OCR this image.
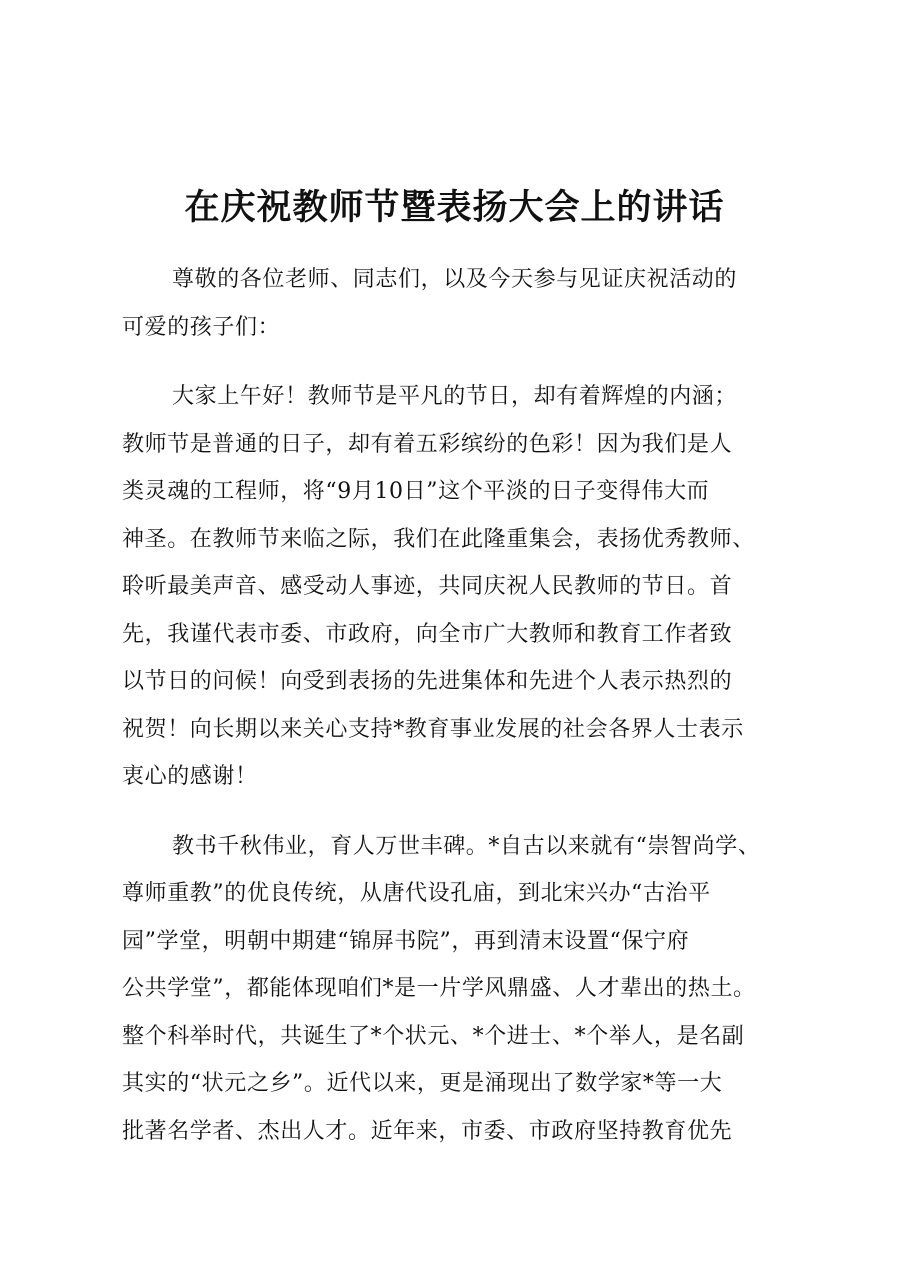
在庆祝教师节暨表扬大会上的讲话
尊敬的各位老师、同志们，以及今天参与见证庆祝活动的
可爱的孩子们：
大家上午好！教师节是平凡的节日，却有着辉煌的内涵；
教师节是普通的日子，却有着五彩缤纷的色彩！因为我们是人
类灵魂的工程师，将“9月10日”这个平淡的日子变得伟大而
神圣。在教师节来临之际，我们在此隆重集会，表扬优秀教师、
聆听最美声音、感受动人事迹，共同庆祝人民教师的节日。首
先，我谨代表市委、市政府，向全市广大教师和教育工作者致
以节日的问候！向受到表扬的先进集体和先进个人表示热烈的
祝贺！向长期以来关心支持*教育事业发展的社会各界人士表示
衷心的感谢！
教书千秋伟业，育人万世丰碑。*自古以来就有“崇智尚学、
尊师重教”的优良传统，从唐代设孔庙，到北宋兴办“古治平
园”学堂，明朝中期建“锦屏书院”，再到清末设置“保宁府
公共学堂”，都能体现咱们*是一片学风鼎盛、人才辈出的热土。
整个科举时代，共诞生了*个状元、*个进士、*个举人，是名副
其实的“状元之乡”。近代以来，更是涌现出了数学家*等一大
批著名学者、杰出人才。近年来，市委、市政府坚持教育优先
